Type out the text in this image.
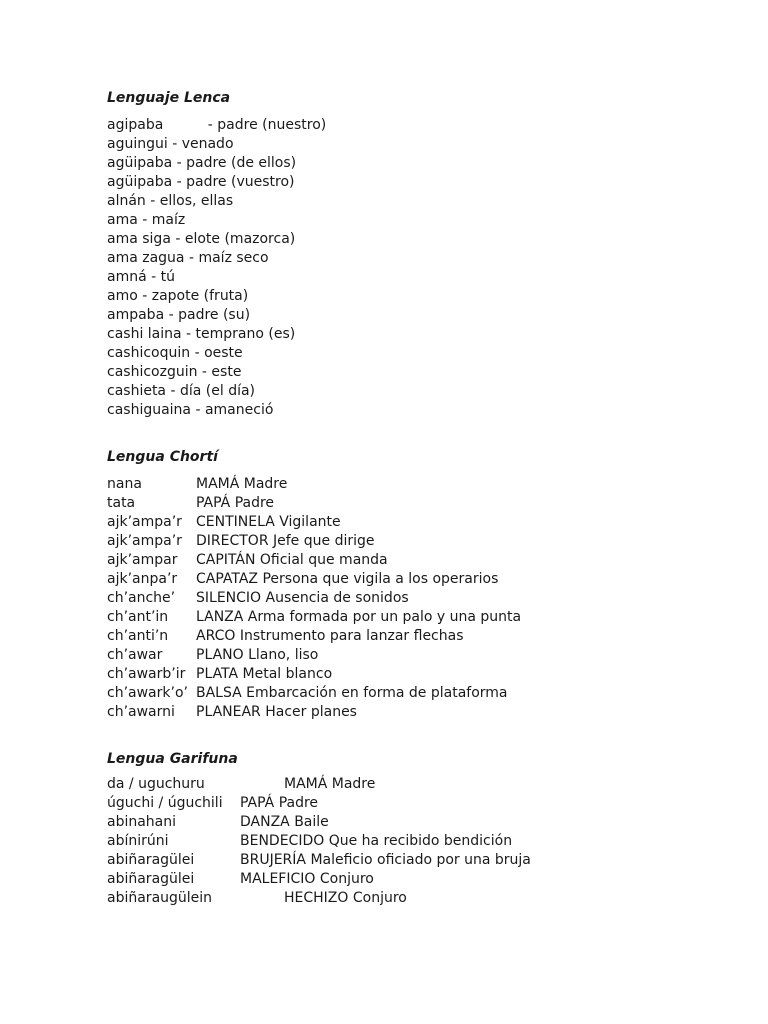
Lenguaje Lenca
agipaba          - padre (nuestro)
aguingui - venado
agüipaba - padre (de ellos)
agüipaba - padre (vuestro)
alnán - ellos, ellas
ama - maíz
ama siga - elote (mazorca)
ama zagua - maíz seco
amná - tú
amo - zapote (fruta)
ampaba - padre (su)
cashi laina - temprano (es)
cashicoquin - oeste
cashicozguin - este
cashieta - día (el día)
cashiguaina - amaneció
Lengua Chortí
nana	MAMÁ Madre
tata	PAPÁ Padre
ajk’ampa’r CENTINELA Vigilante
ajk’ampa’r DIRECTOR Jefe que dirige
ajk’ampar CAPITÁN Oficial que manda
ajk’anpa’r CAPATAZ Persona que vigila a los operarios
ch’anche’ SILENCIO Ausencia de sonidos
ch’ant’in LANZA Arma formada por un palo y una punta
ch’anti’n ARCO Instrumento para lanzar flechas
ch’awar PLANO Llano, liso
ch’awarb’ir PLATA Metal blanco
ch’awark’o’ BALSA Embarcación en forma de plataforma
ch’awarni PLANEAR Hacer planes
Lengua Garifuna
da / uguchuru	MAMÁ Madre
úguchi / úguchili PAPÁ Padre
abinahani	DANZA Baile
abínirúni	BENDECIDO Que ha recibido bendición
abiñaragülei	BRUJERÍA Maleficio oficiado por una bruja
abiñaragülei	MALEFICIO Conjuro
abiñaraugülein	HECHIZO Conjuro
